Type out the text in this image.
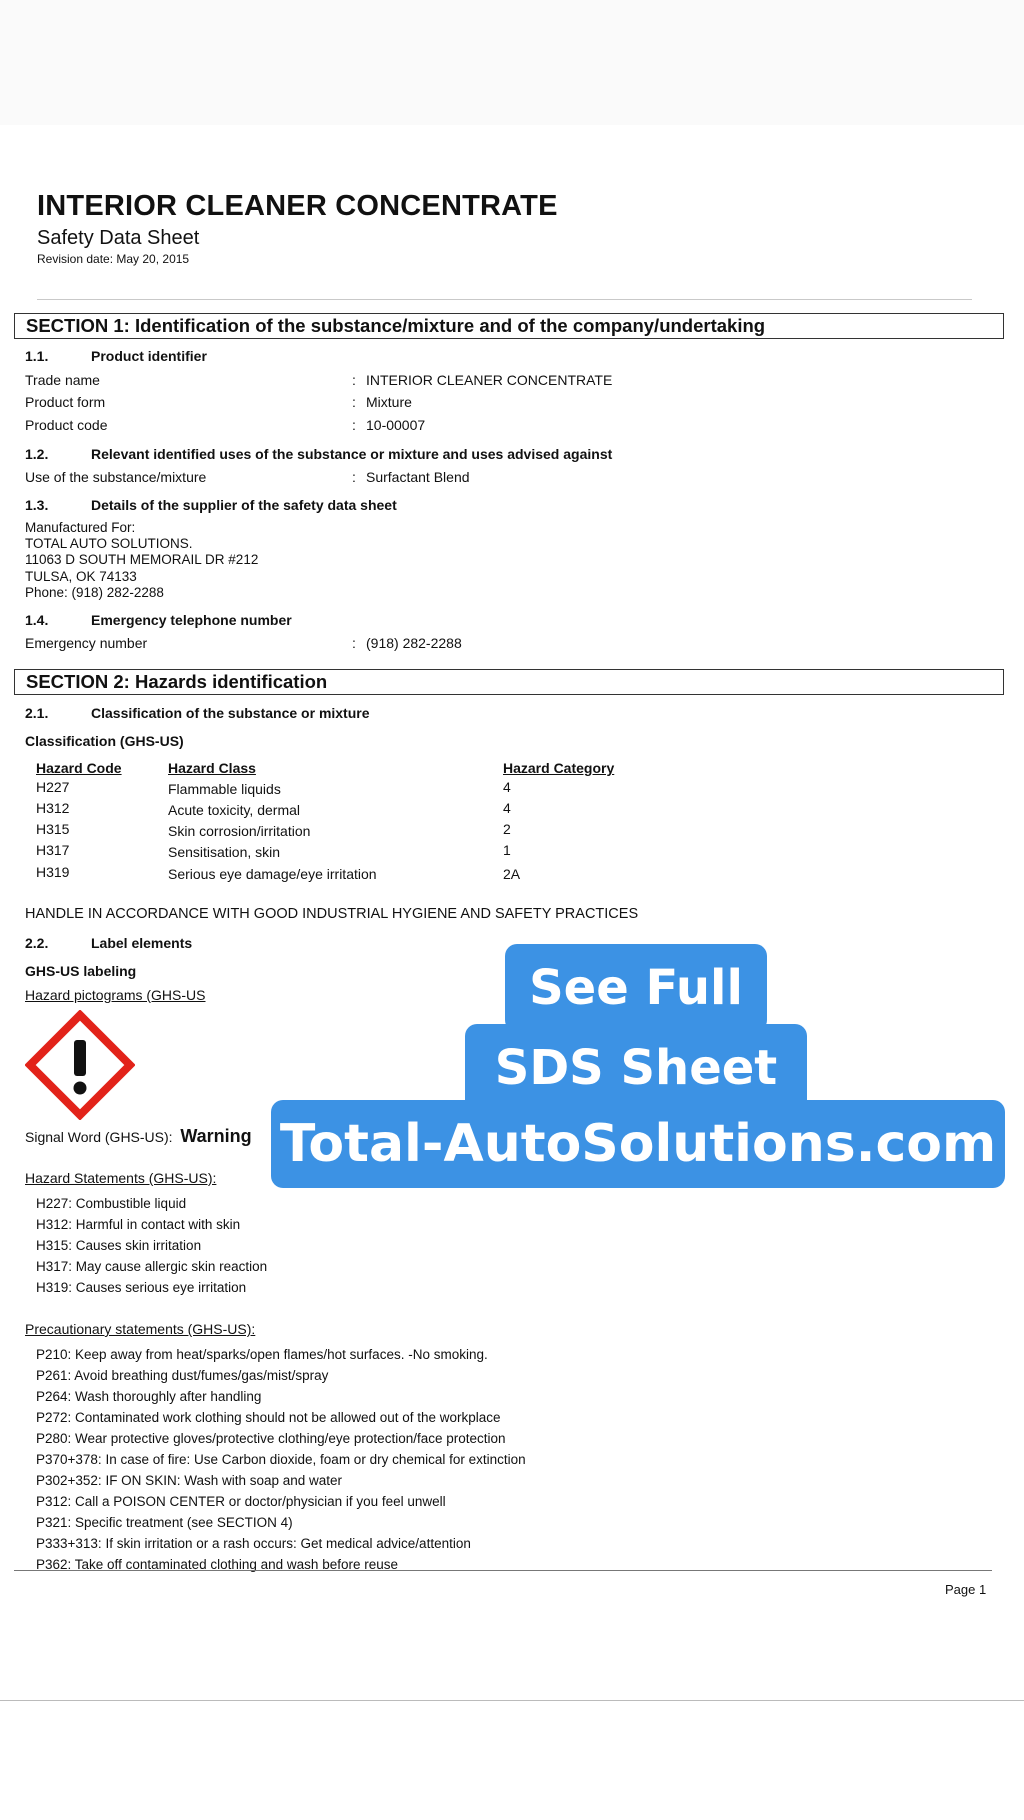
INTERIOR CLEANER CONCENTRATE
Safety Data Sheet
Revision date: May 20, 2015
SECTION 1: Identification of the substance/mixture and of the company/undertaking
1.1.	Product identifier
Trade name	: INTERIOR CLEANER CONCENTRATE
Product form	: Mixture
Product code	: 10-00007
1.2.	Relevant identified uses of the substance or mixture and uses advised against
Use of the substance/mixture	: Surfactant Blend
1.3.	Details of the supplier of the safety data sheet
Manufactured For:
TOTAL AUTO SOLUTIONS.
11063 D SOUTH MEMORAIL DR #212
TULSA, OK 74133
Phone: (918) 282-2288
1.4.	Emergency telephone number
Emergency number	: (918) 282-2288
SECTION 2: Hazards identification
2.1.	Classification of the substance or mixture
Classification (GHS-US)
Hazard Code	Hazard Class	Hazard Category
H227	Flammable liquids	4
H312	Acute toxicity, dermal	4
H315	Skin corrosion/irritation	2
H317	Sensitisation, skin	1
H319	Serious eye damage/eye irritation	2A
HANDLE IN ACCORDANCE WITH GOOD INDUSTRIAL HYGIENE AND SAFETY PRACTICES
2.2.	Label elements
GHS-US labeling
Hazard pictograms (GHS-US
Signal Word (GHS-US): Warning
Hazard Statements (GHS-US):
H227: Combustible liquid
H312: Harmful in contact with skin
H315: Causes skin irritation
H317: May cause allergic skin reaction
H319: Causes serious eye irritation
Precautionary statements (GHS-US):
P210: Keep away from heat/sparks/open flames/hot surfaces. -No smoking.
P261: Avoid breathing dust/fumes/gas/mist/spray
P264: Wash thoroughly after handling
P272: Contaminated work clothing should not be allowed out of the workplace
P280: Wear protective gloves/protective clothing/eye protection/face protection
P370+378: In case of fire: Use Carbon dioxide, foam or dry chemical for extinction
P302+352: IF ON SKIN: Wash with soap and water
P312: Call a POISON CENTER or doctor/physician if you feel unwell
P321: Specific treatment (see SECTION 4)
P333+313: If skin irritation or a rash occurs: Get medical advice/attention
P362: Take off contaminated clothing and wash before reuse
Page 1
See Full
SDS Sheet
Total-AutoSolutions.com
